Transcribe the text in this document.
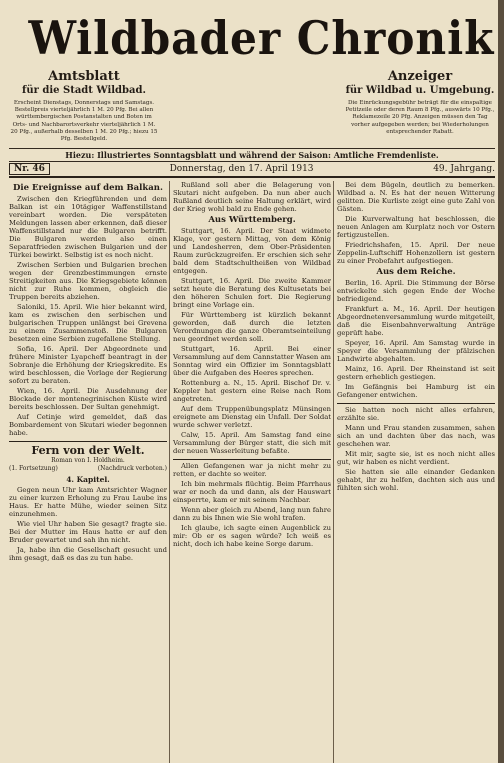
Wildbader Chronik
Amtsblatt
für die Stadt Wildbad.
Erscheint Dienstags, Donnerstags und Samstags. Bestellpreis vierteljährlich 1 M. 20 Pfg. Bei allen württembergischen Postanstalten und Boten im Orts- und Nachbarortsverkehr vierteljährlich 1 M. 20 Pfg., außerhalb desselben 1 M. 20 Pfg.; hiezu 15 Pfg. Bestellgeld.
Anzeiger
für Wildbad u. Umgebung.
Die Einrückungsgebühr beträgt für die einspaltige Petitzeile oder deren Raum 8 Pfg., auswärts 10 Pfg., Reklamezeile 20 Pfg. Anzeigen müssen den Tag vorher aufgegeben werden; bei Wiederholungen entsprechender Rabatt.
Hiezu: Illustriertes Sonntagsblatt und während der Saison: Amtliche Fremdenliste.
Nr. 46	Donnerstag, den 17. April 1913	49. Jahrgang.
Die Ereignisse auf dem Balkan.

Zwischen den Kriegführenden und dem Balkan ist ein 10tägiger Waffenstillstand vereinbart worden. Die verspäteten Meldungen lassen aber erkennen, daß dieser Waffenstillstand nur die Bulgaren betrifft. Die Bulgaren werden also einen Separatfrieden zwischen Bulgarien und der Türkei bewirkt. Selbstig ist es noch nicht.

Zwischen Serbien und Bulgarien brechen wegen der Grenzbestimmungen ernste Streitigkeiten aus. Die Kriegsgebiete können nicht zur Ruhe kommen, obgleich die Truppen bereits abziehen.

Saloniki, 15. April. Wie hier bekannt wird, kam es zwischen den serbischen und bulgarischen Truppen unlängst bei Grevena zu einem Zusammenstoß. Die Bulgaren besetzen eine Serbien zugefallene Stellung.

Sofia, 16. April. Der Abgeordnete und frühere Minister Lyapcheff beantragt in der Sobranje die Erhöhung der Kriegskredite. Es wird beschlossen, die Vorlage der Regierung sofort zu beraten.

Wien, 16. April. Die Ausdehnung der Blockade der montenegrinischen Küste wird bereits beschlossen. Der Sultan genehmigt.

Auf Cetinje wird gemeldet, daß das Bombardement von Skutari wieder begonnen habe.

Fern von der Welt.
Roman von I. Holdheim.
(1. Fortsetzung)	(Nachdruck verboten.)
4. Kapitel.

Gegen neun Uhr kam Amtsrichter Wagner zu einer kurzen Erholung zu Frau Laube ins Haus. Er hatte Mühe, wieder seinen Sitz einzunehmen.

Wie viel Uhr haben Sie gesagt? fragte sie. Bei der Mutter im Haus hatte er auf den Bruder gewartet und sah ihn nicht.

Ja, habe ihn die Gesellschaft gesucht und ihm gesagt, daß es das zu tun habe.

Rußland soll aber die Belagerung von Skutari nicht aufgeben. Da nun aber auch Rußland deutlich seine Haltung erklärt, wird der Krieg wohl bald zu Ende gehen.

Aus Württemberg.

Stuttgart, 16. April. Der Staat widmete Klage, vor gestern Mittag, von dem König und Landesherren, dem Ober-Präsidenten Raum zurückzugreifen. Er erschien sich sehr bald dem Stadtschultheißen von Wildbad entgegen.

Stuttgart, 16. April. Die zweite Kammer setzt heute die Beratung des Kultusetats bei den höheren Schulen fort. Die Regierung bringt eine Vorlage ein.

Für Württemberg ist kürzlich bekannt geworden, daß durch die letzten Verordnungen die ganze Oberamtseinteilung neu geordnet werden soll.

Stuttgart, 16. April. Bei einer Versammlung auf dem Cannstatter Wasen am Sonntag wird ein Offizier im Sonntagsblatt über die Aufgaben des Heeres sprechen.

Rottenburg a. N., 15. April. Bischof Dr. v. Keppler hat gestern eine Reise nach Rom angetreten.

Auf dem Truppenübungsplatz Münsingen ereignete am Dienstag ein Unfall. Der Soldat wurde schwer verletzt.

Calw, 15. April. Am Samstag fand eine Versammlung der Bürger statt, die sich mit der neuen Wasserleitung befaßte.

Allen Gefangenen war ja nicht mehr zu retten, er dachte so weiter.

Ich bin mehrmals flüchtig. Beim Pfarrhaus war er noch da und dann, als der Hauswart einsperrte, kam er mit seinem Nachbar.

Wenn aber gleich zu Abend, lang nun fahre dann zu bis Ihnen wie Sie wohl trafen.

Ich glaube, ich sagte einen Augenblick zu mir: Ob er es sagen würde? Ich weiß es nicht, doch ich habe keine Sorge darum.

Bei dem Bügeln, deutlich zu bemerken. Wildbad a. N. Es hat der neuen Witterung gelitten. Die Kurliste zeigt eine gute Zahl von Gästen.

Die Kurverwaltung hat beschlossen, die neuen Anlagen am Kurplatz noch vor Ostern fertigzustellen.

Friedrichshafen, 15. April. Der neue Zeppelin-Luftschiff Hohenzollern ist gestern zu einer Probefahrt aufgestiegen.

Aus dem Reiche.

Berlin, 16. April. Die Stimmung der Börse entwickelte sich gegen Ende der Woche befriedigend.

Frankfurt a. M., 16. April. Der heutigen Abgeordnetenversammlung wurde mitgeteilt, daß die Eisenbahnverwaltung Anträge geprüft habe.

Speyer, 16. April. Am Samstag wurde in Speyer die Versammlung der pfälzischen Landwirte abgehalten.

Mainz, 16. April. Der Rheinstand ist seit gestern erheblich gestiegen.

Im Gefängnis bei Hamburg ist ein Gefangener entwichen.

Sie hatten noch nicht alles erfahren, erzählte sie.

Mann und Frau standen zusammen, sahen sich an und dachten über das nach, was geschehen war.

Mit mir, sagte sie, ist es noch nicht alles gut, wir haben es nicht verdient.

Sie hatten sie alle einander Gedanken gehabt, ihr zu helfen, dachten sich aus und fühlten sich wohl.
